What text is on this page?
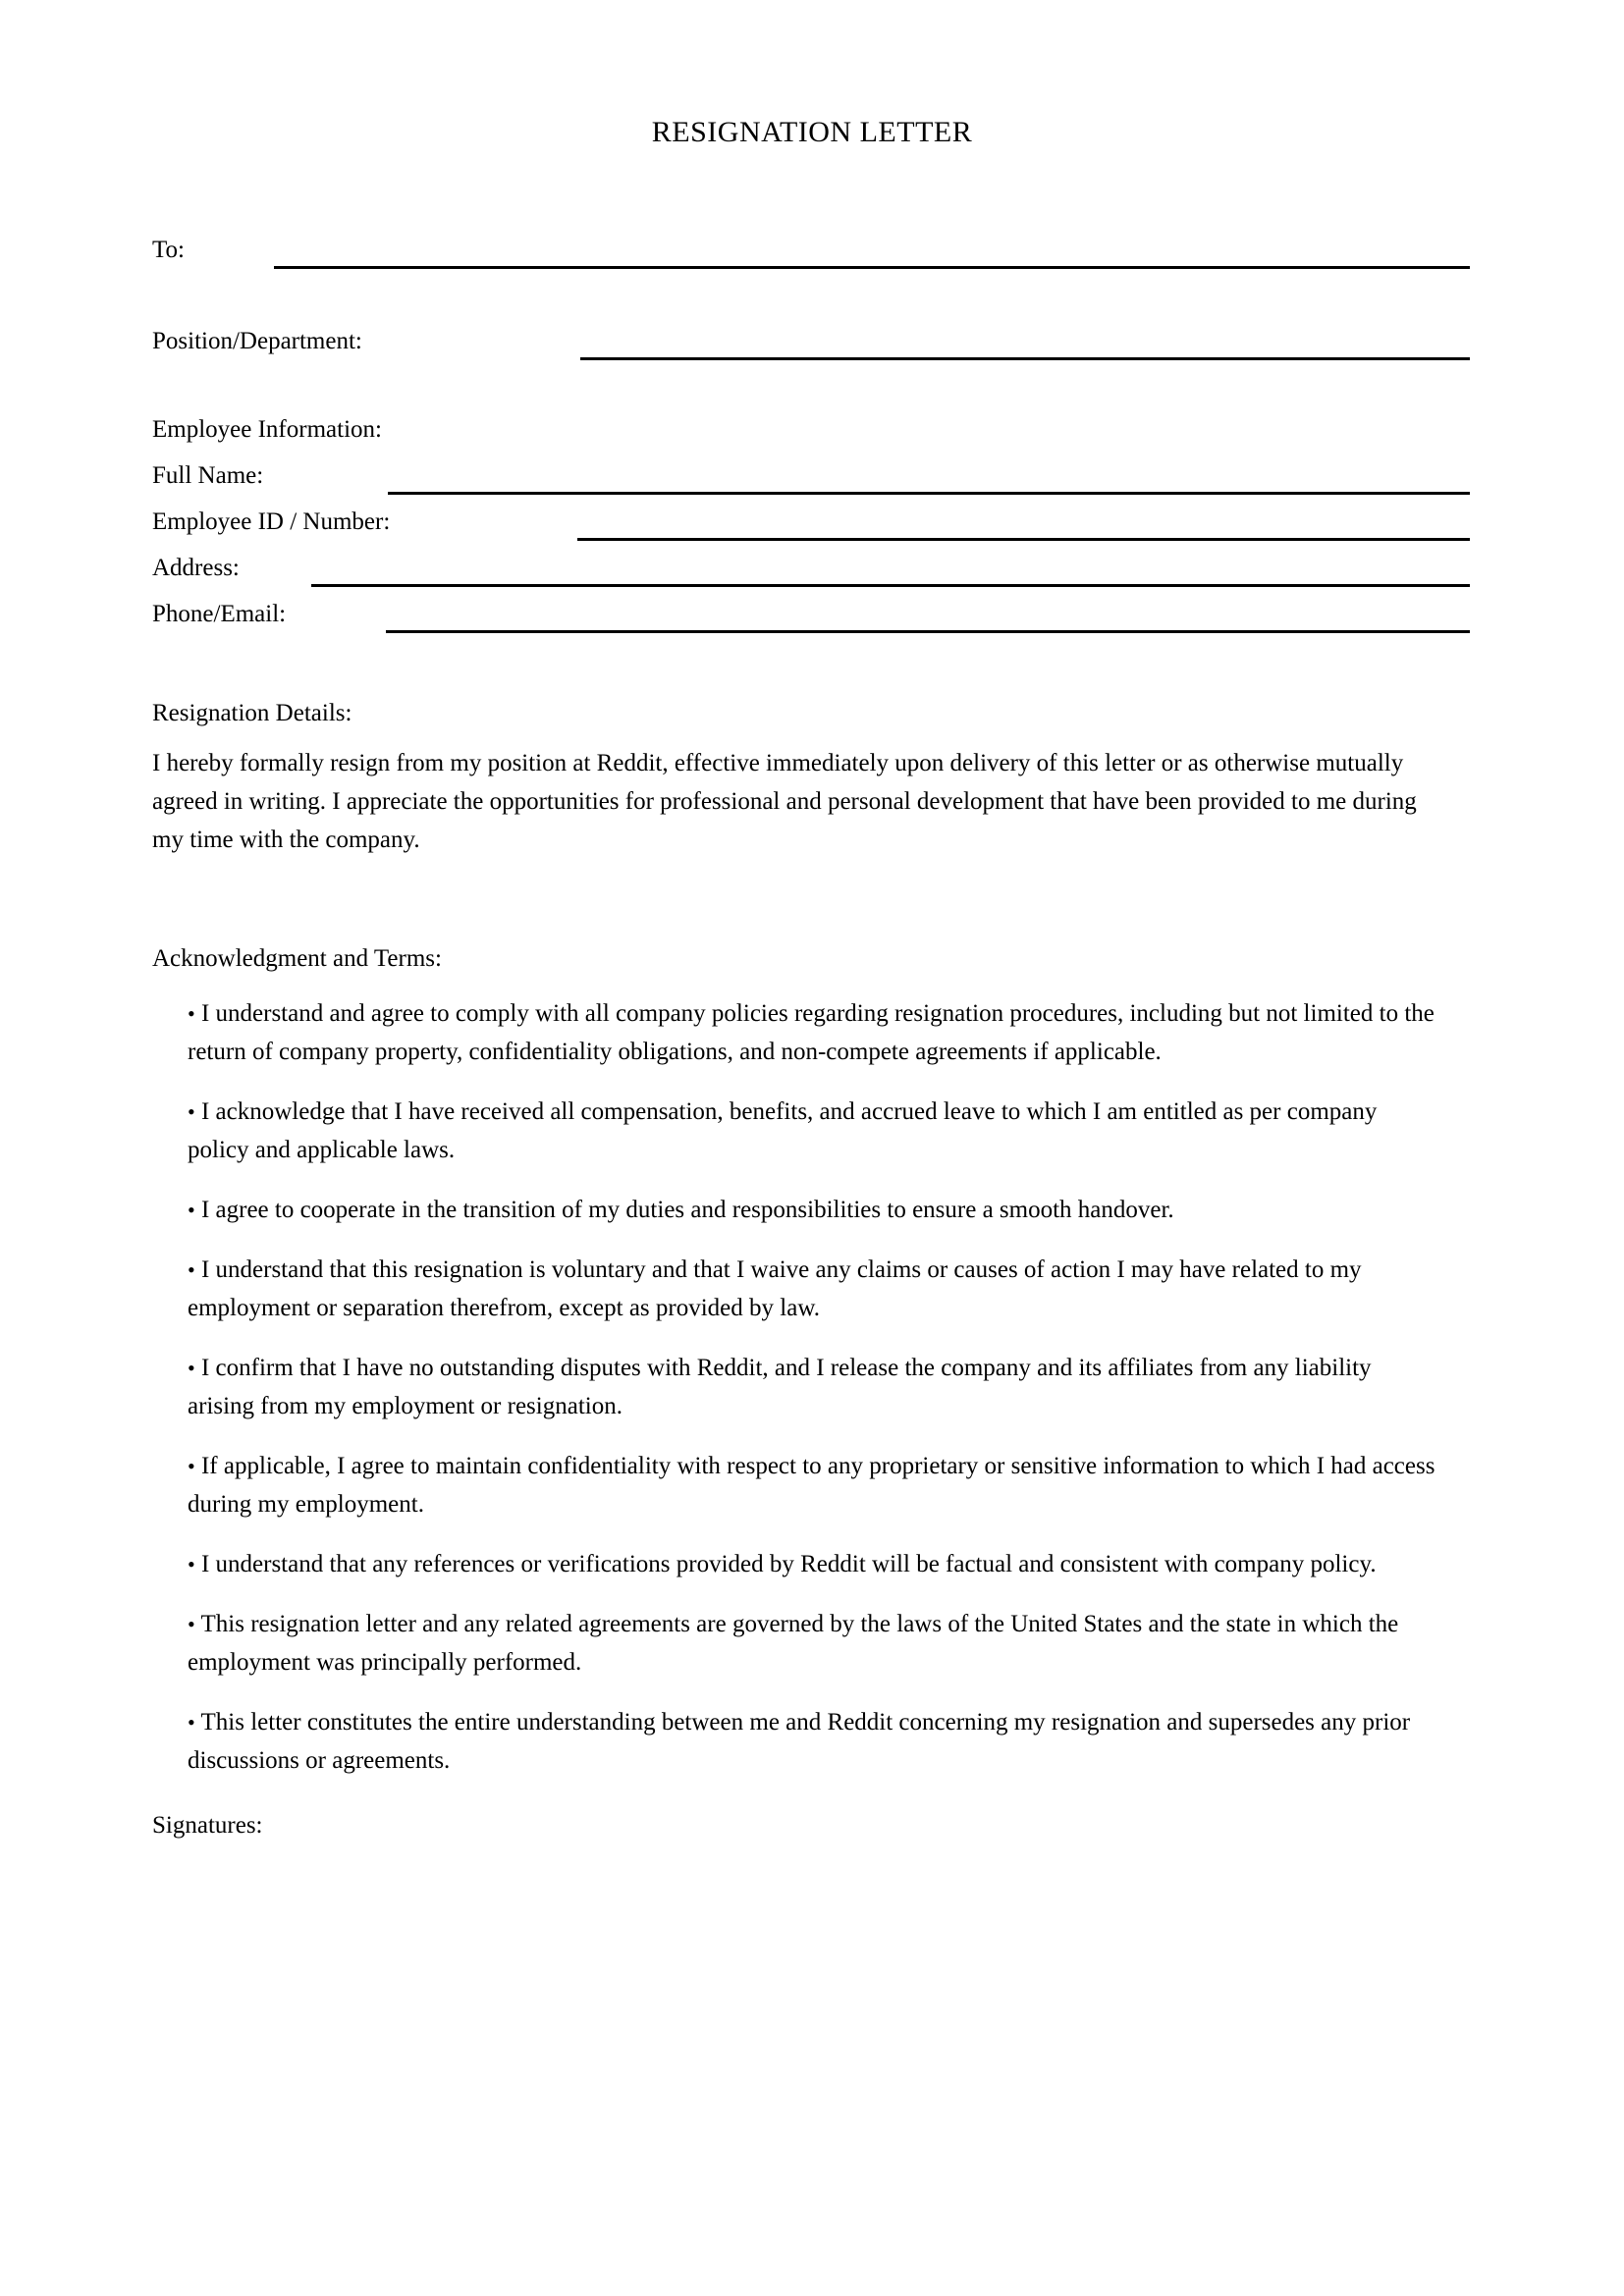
RESIGNATION LETTER
To:
Position/Department:
Employee Information:
Full Name:
Employee ID / Number:
Address:
Phone/Email:
Resignation Details:
I hereby formally resign from my position at Reddit, effective immediately upon delivery of this letter or as otherwise mutually agreed in writing. I appreciate the opportunities for professional and personal development that have been provided to me during my time with the company.
Acknowledgment and Terms:

• I understand and agree to comply with all company policies regarding resignation procedures, including but not limited to the return of company property, confidentiality obligations, and non-compete agreements if applicable.

• I acknowledge that I have received all compensation, benefits, and accrued leave to which I am entitled as per company policy and applicable laws.

• I agree to cooperate in the transition of my duties and responsibilities to ensure a smooth handover.

• I understand that this resignation is voluntary and that I waive any claims or causes of action I may have related to my employment or separation therefrom, except as provided by law.

• I confirm that I have no outstanding disputes with Reddit, and I release the company and its affiliates from any liability arising from my employment or resignation.

• If applicable, I agree to maintain confidentiality with respect to any proprietary or sensitive information to which I had access during my employment.

• I understand that any references or verifications provided by Reddit will be factual and consistent with company policy.

• This resignation letter and any related agreements are governed by the laws of the United States and the state in which the employment was principally performed.

• This letter constitutes the entire understanding between me and Reddit concerning my resignation and supersedes any prior discussions or agreements.

Signatures:
